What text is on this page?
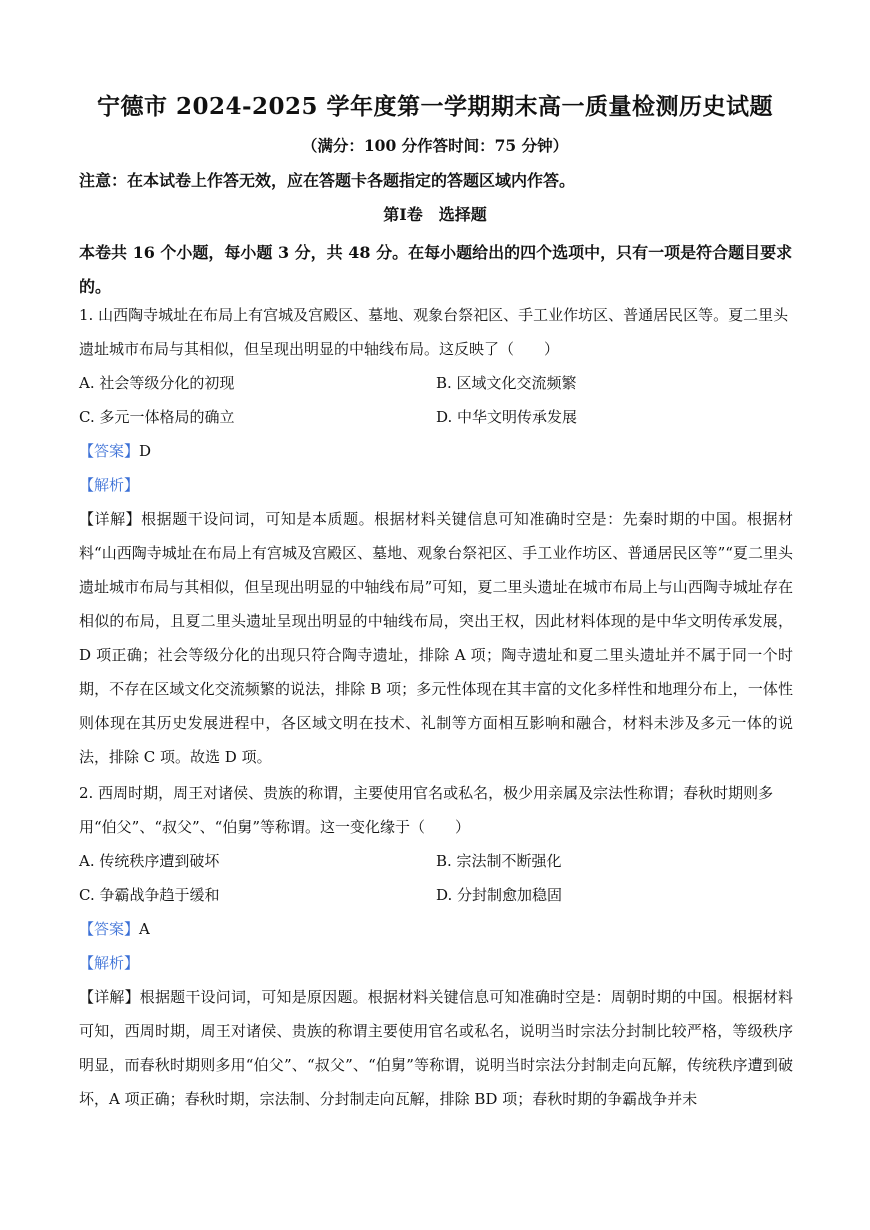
宁德市 2024-2025 学年度第一学期期末高一质量检测历史试题
（满分：100 分作答时间：75 分钟）
注意：在本试卷上作答无效，应在答题卡各题指定的答题区域内作答。
第Ⅰ卷　选择题
本卷共 16 个小题，每小题 3 分，共 48 分。在每小题给出的四个选项中，只有一项是符合题目要求的。

1. 山西陶寺城址在布局上有宫城及宫殿区、墓地、观象台祭祀区、手工业作坊区、普通居民区等。夏二里头遗址城市布局与其相似，但呈现出明显的中轴线布局。这反映了（　　）

A. 社会等级分化的初现	B. 区域文化交流频繁
C. 多元一体格局的确立	D. 中华文明传承发展

【答案】D

【解析】

【详解】根据题干设问词，可知是本质题。根据材料关键信息可知准确时空是：先秦时期的中国。根据材料“山西陶寺城址在布局上有宫城及宫殿区、墓地、观象台祭祀区、手工业作坊区、普通居民区等”“夏二里头遗址城市布局与其相似，但呈现出明显的中轴线布局”可知，夏二里头遗址在城市布局上与山西陶寺城址存在相似的布局，且夏二里头遗址呈现出明显的中轴线布局，突出王权，因此材料体现的是中华文明传承发展，D 项正确；社会等级分化的出现只符合陶寺遗址，排除 A 项；陶寺遗址和夏二里头遗址并不属于同一个时期，不存在区域文化交流频繁的说法，排除 B 项；多元性体现在其丰富的文化多样性和地理分布上，一体性则体现在其历史发展进程中，各区域文明在技术、礼制等方面相互影响和融合，材料未涉及多元一体的说法，排除 C 项。故选 D 项。

2. 西周时期，周王对诸侯、贵族的称谓，主要使用官名或私名，极少用亲属及宗法性称谓；春秋时期则多用“伯父”、“叔父”、“伯舅”等称谓。这一变化缘于（　　）

A. 传统秩序遭到破坏	B. 宗法制不断强化
C. 争霸战争趋于缓和	D. 分封制愈加稳固

【答案】A

【解析】

【详解】根据题干设问词，可知是原因题。根据材料关键信息可知准确时空是：周朝时期的中国。根据材料可知，西周时期，周王对诸侯、贵族的称谓主要使用官名或私名，说明当时宗法分封制比较严格，等级秩序明显，而春秋时期则多用“伯父”、“叔父”、“伯舅”等称谓，说明当时宗法分封制走向瓦解，传统秩序遭到破坏，A 项正确；春秋时期，宗法制、分封制走向瓦解，排除 BD 项；春秋时期的争霸战争并未
